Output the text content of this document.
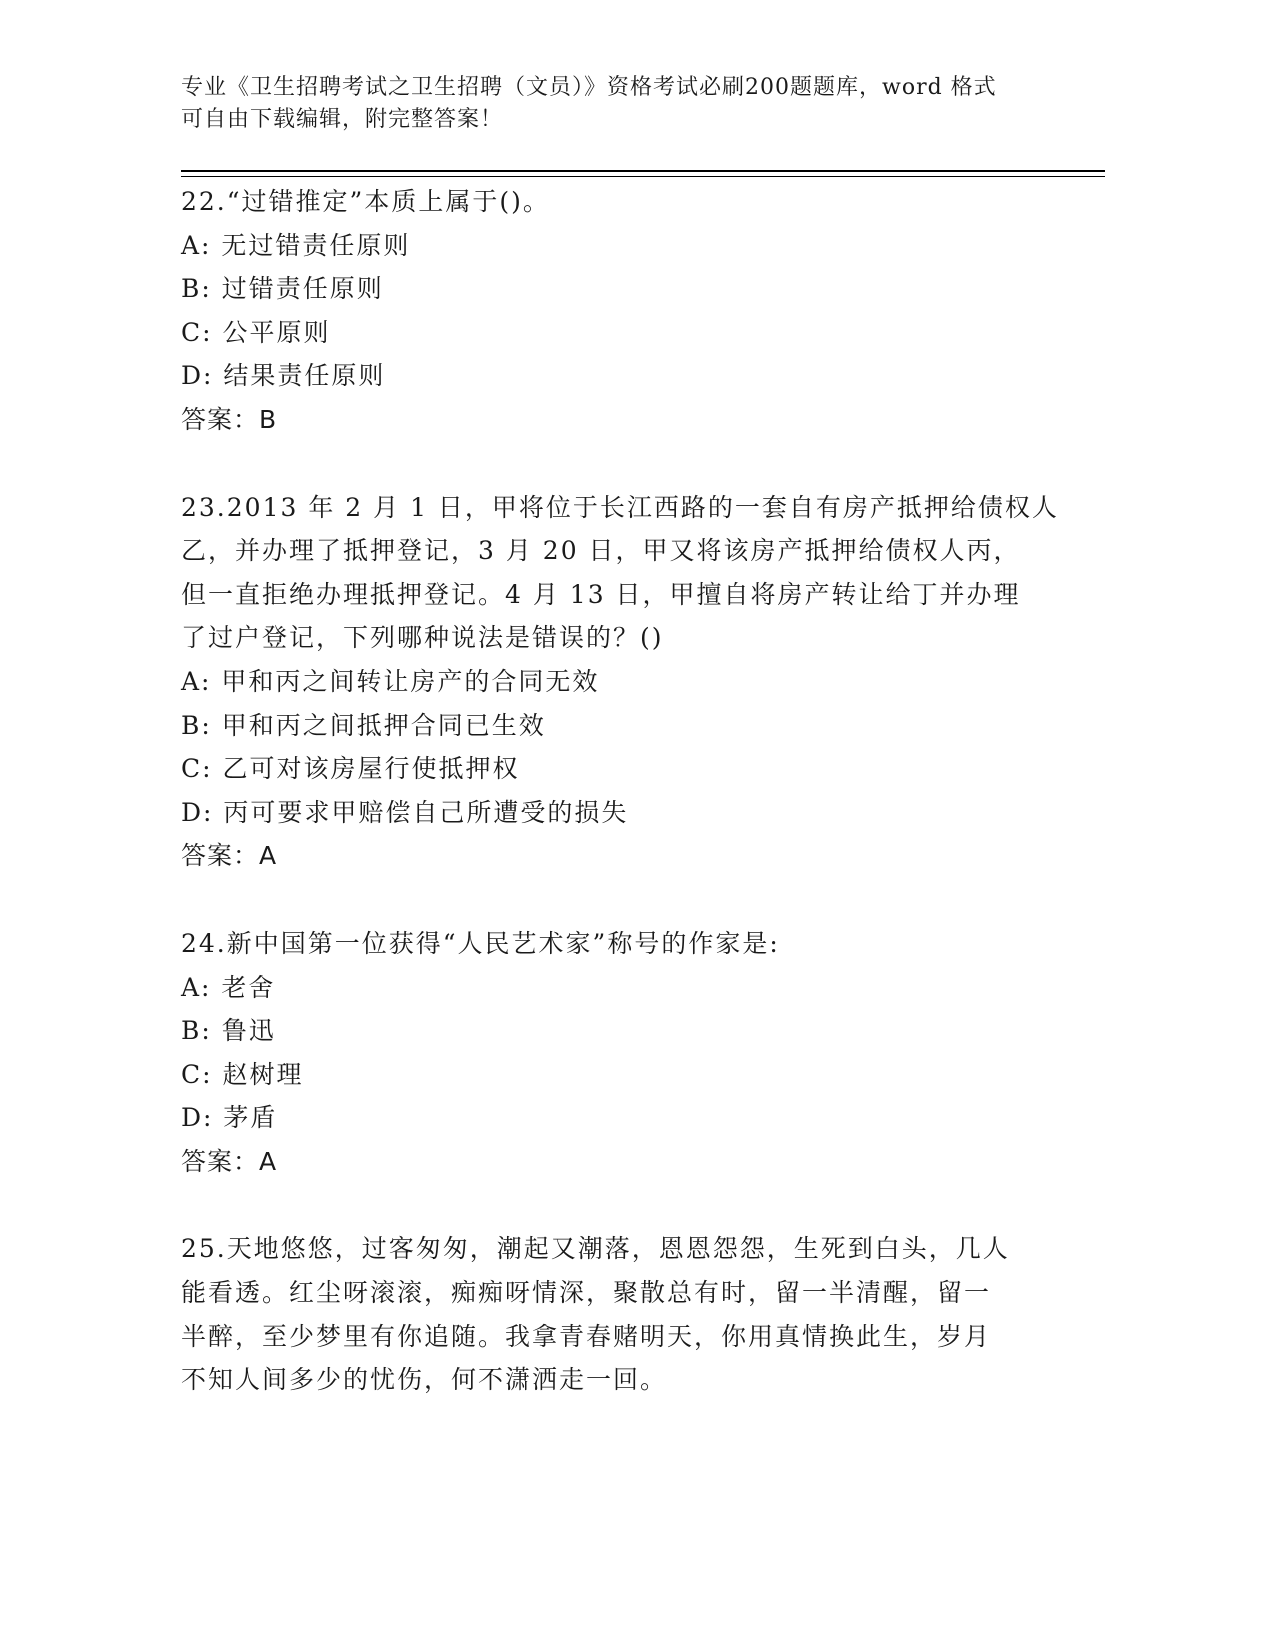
专业《卫生招聘考试之卫生招聘（文员）》资格考试必刷200题题库，word 格式
可自由下载编辑，附完整答案！
22.“过错推定”本质上属于()。
A: 无过错责任原则
B: 过错责任原则
C: 公平原则
D: 结果责任原则
答案：B
23.2013 年 2 月 1 日，甲将位于长江西路的一套自有房产抵押给债权人
乙，并办理了抵押登记，3 月 20 日，甲又将该房产抵押给债权人丙，
但一直拒绝办理抵押登记。4 月 13 日，甲擅自将房产转让给丁并办理
了过户登记，下列哪种说法是错误的？()
A: 甲和丙之间转让房产的合同无效
B: 甲和丙之间抵押合同已生效
C: 乙可对该房屋行使抵押权
D: 丙可要求甲赔偿自己所遭受的损失
答案：A
24.新中国第一位获得“人民艺术家”称号的作家是:
A: 老舍
B: 鲁迅
C: 赵树理
D: 茅盾
答案：A
25.天地悠悠，过客匆匆，潮起又潮落，恩恩怨怨，生死到白头，几人
能看透。红尘呀滚滚，痴痴呀情深，聚散总有时，留一半清醒，留一
半醉，至少梦里有你追随。我拿青春赌明天，你用真情换此生，岁月
不知人间多少的忧伤，何不潇洒走一回。
